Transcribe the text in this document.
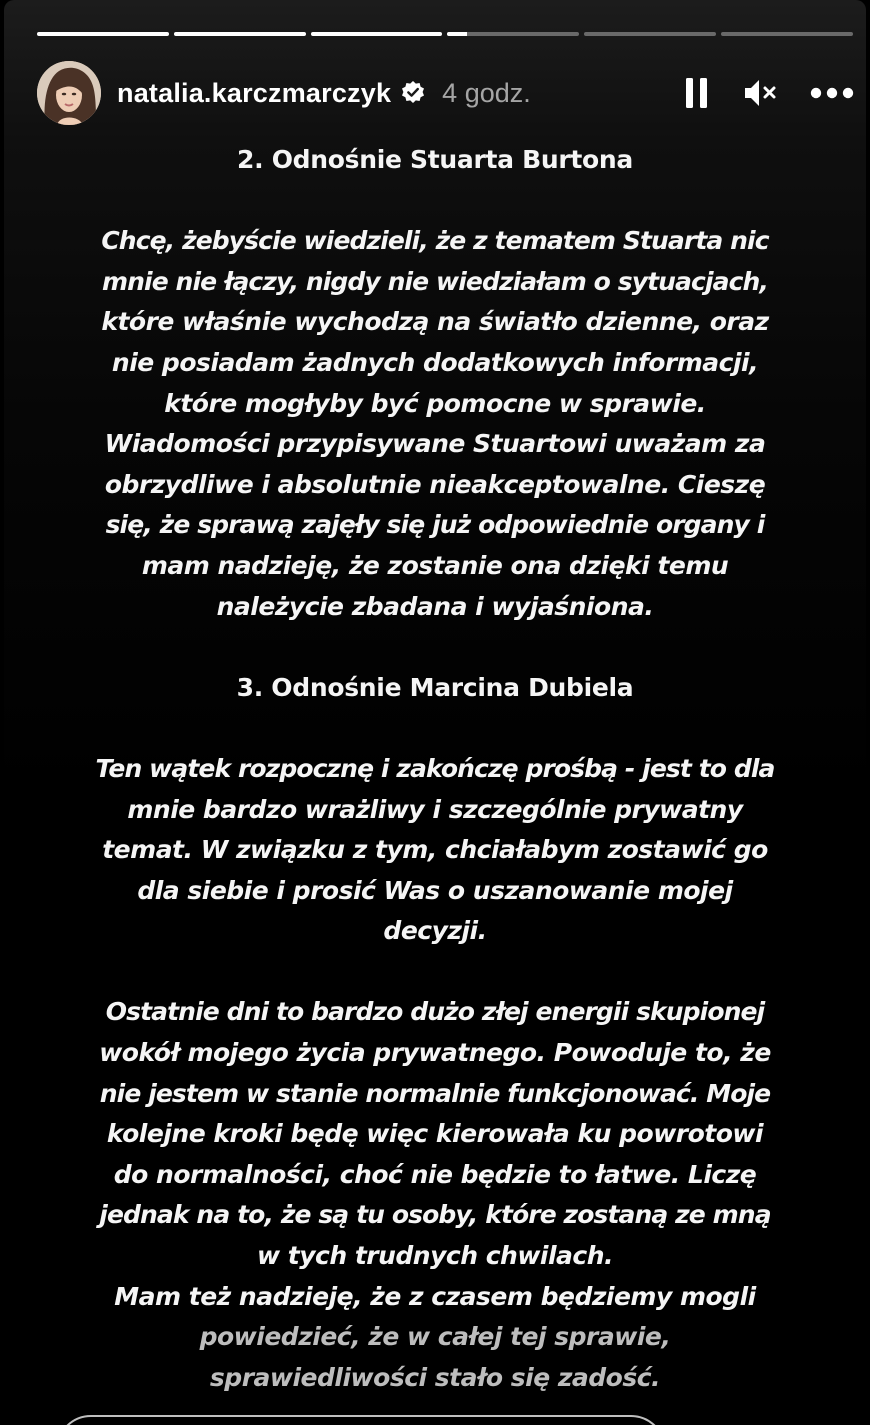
natalia.karczmarczyk 4 godz.
2. Odnośnie Stuarta Burtona
Chcę, żebyście wiedzieli, że z tematem Stuarta nic
mnie nie łączy, nigdy nie wiedziałam o sytuacjach,
które właśnie wychodzą na światło dzienne, oraz
nie posiadam żadnych dodatkowych informacji,
które mogłyby być pomocne w sprawie.
Wiadomości przypisywane Stuartowi uważam za
obrzydliwe i absolutnie nieakceptowalne. Cieszę
się, że sprawą zajęły się już odpowiednie organy i
mam nadzieję, że zostanie ona dzięki temu
należycie zbadana i wyjaśniona.
3. Odnośnie Marcina Dubiela
Ten wątek rozpocznę i zakończę prośbą - jest to dla
mnie bardzo wrażliwy i szczególnie prywatny
temat. W związku z tym, chciałabym zostawić go
dla siebie i prosić Was o uszanowanie mojej
decyzji.
Ostatnie dni to bardzo dużo złej energii skupionej
wokół mojego życia prywatnego. Powoduje to, że
nie jestem w stanie normalnie funkcjonować. Moje
kolejne kroki będę więc kierowała ku powrotowi
do normalności, choć nie będzie to łatwe. Liczę
jednak na to, że są tu osoby, które zostaną ze mną
w tych trudnych chwilach.
Mam też nadzieję, że z czasem będziemy mogli
powiedzieć, że w całej tej sprawie,
sprawiedliwości stało się zadość.
